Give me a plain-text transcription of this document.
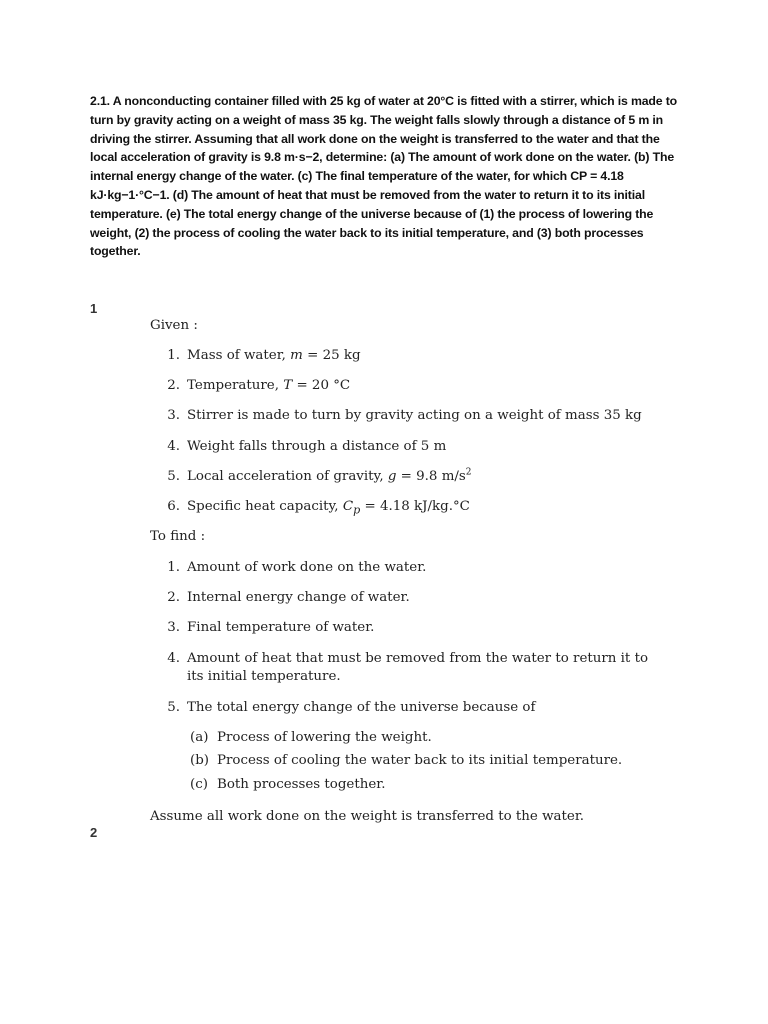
2.1. A nonconducting container filled with 25 kg of water at 20°C is fitted with a stirrer, which is made to turn by gravity acting on a weight of mass 35 kg. The weight falls slowly through a distance of 5 m in driving the stirrer. Assuming that all work done on the weight is transferred to the water and that the local acceleration of gravity is 9.8 m·s−2, determine: (a) The amount of work done on the water. (b) The internal energy change of the water. (c) The final temperature of the water, for which CP = 4.18 kJ·kg−1·°C−1. (d) The amount of heat that must be removed from the water to return it to its initial temperature. (e) The total energy change of the universe because of (1) the process of lowering the weight, (2) the process of cooling the water back to its initial temperature, and (3) both processes together.

1
Given :
1. Mass of water, m = 25 kg
2. Temperature, T = 20 °C
3. Stirrer is made to turn by gravity acting on a weight of mass 35 kg
4. Weight falls through a distance of 5 m
5. Local acceleration of gravity, g = 9.8 $m/s^2$
6. Specific heat capacity, $C_p = 4.18$ kJ/kg.°C
To find :
1. Amount of work done on the water.
2. Internal energy change of water.
3. Final temperature of water.
4. Amount of heat that must be removed from the water to return it to
its initial temperature.
5. The total energy change of the universe because of
(a) Process of lowering the weight.
(b) Process of cooling the water back to its initial temperature.
(c) Both processes together.
Assume all work done on the weight is transferred to the water.
2
